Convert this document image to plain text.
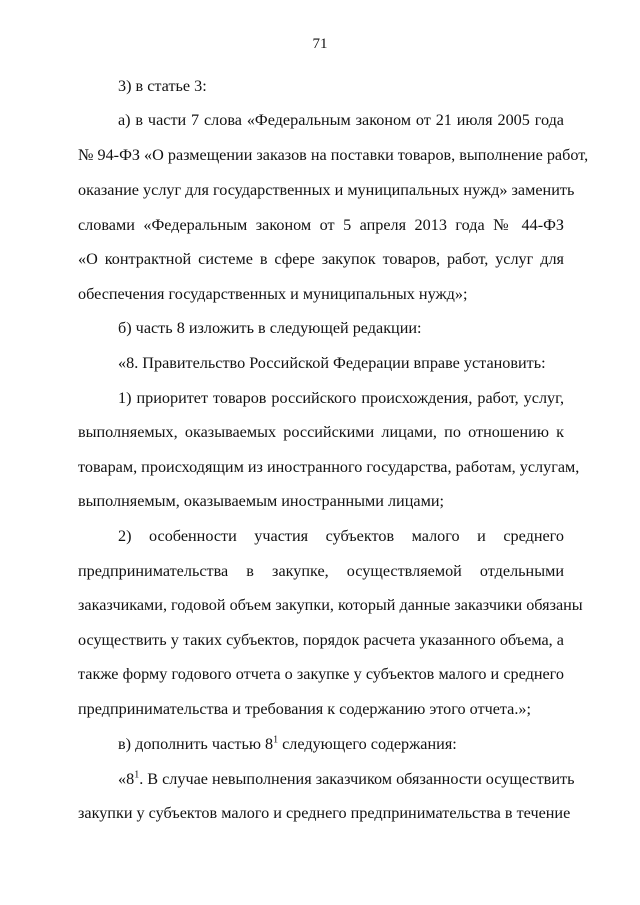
71
3) в статье 3:
а) в части 7 слова «Федеральным законом от 21 июля 2005 года
№ 94-ФЗ «О размещении заказов на поставки товаров, выполнение работ,
оказание услуг для государственных и муниципальных нужд» заменить
словами «Федеральным законом от 5 апреля 2013 года № 44-ФЗ
«О контрактной системе в сфере закупок товаров, работ, услуг для
обеспечения государственных и муниципальных нужд»;
б) часть 8 изложить в следующей редакции:
«8. Правительство Российской Федерации вправе установить:
1) приоритет товаров российского происхождения, работ, услуг,
выполняемых, оказываемых российскими лицами, по отношению к
товарам, происходящим из иностранного государства, работам, услугам,
выполняемым, оказываемым иностранными лицами;
2) особенности участия субъектов малого и среднего
предпринимательства в закупке, осуществляемой отдельными
заказчиками, годовой объем закупки, который данные заказчики обязаны
осуществить у таких субъектов, порядок расчета указанного объема, а
также форму годового отчета о закупке у субъектов малого и среднего
предпринимательства и требования к содержанию этого отчета.»;
в) дополнить частью $8^1$ следующего содержания:
«$8^1$. В случае невыполнения заказчиком обязанности осуществить
закупки у субъектов малого и среднего предпринимательства в течение
